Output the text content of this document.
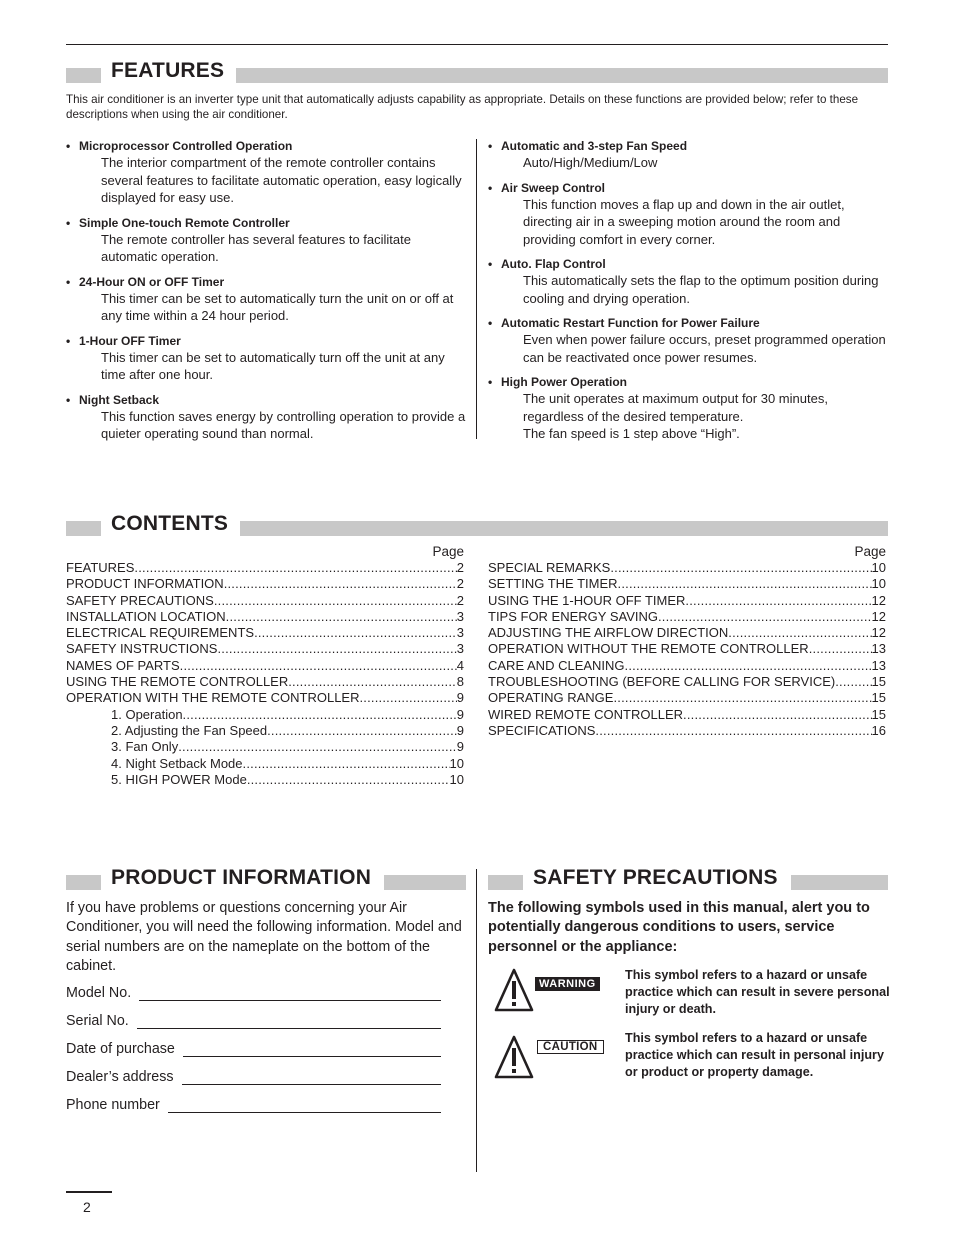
FEATURES
This air conditioner is an inverter type unit that automatically adjusts capability as appropriate. Details on these functions are provided below; refer to these descriptions when using the air conditioner.
• Microprocessor Controlled Operation
The interior compartment of the remote controller contains several features to facilitate automatic operation, easy logically displayed for easy use.
• Simple One-touch Remote Controller
The remote controller has several features to facilitate automatic operation.
• 24-Hour ON or OFF Timer
This timer can be set to automatically turn the unit on or off at any time within a 24 hour period.
• 1-Hour OFF Timer
This timer can be set to automatically turn off the unit at any time after one hour.
• Night Setback
This function saves energy by controlling operation to provide a quieter operating sound than normal.
• Automatic and 3-step Fan Speed
Auto/High/Medium/Low
• Air Sweep Control
This function moves a flap up and down in the air outlet, directing air in a sweeping motion around the room and providing comfort in every corner.
• Auto. Flap Control
This automatically sets the flap to the optimum position during cooling and drying operation.
• Automatic Restart Function for Power Failure
Even when power failure occurs, preset programmed operation can be reactivated once power resumes.
• High Power Operation
The unit operates at maximum output for 30 minutes, regardless of the desired temperature.
The fan speed is 1 step above “High”.
CONTENTS
Page
FEATURES .....	2
PRODUCT INFORMATION .....	2
SAFETY PRECAUTIONS .....	2
INSTALLATION LOCATION .....	3
ELECTRICAL REQUIREMENTS .....	3
SAFETY INSTRUCTIONS .....	3
NAMES OF PARTS .....	4
USING THE REMOTE CONTROLLER .....	8
OPERATION WITH THE REMOTE CONTROLLER .....	9
1. Operation .....	9
2. Adjusting the Fan Speed .....	9
3. Fan Only .....	9
4. Night Setback Mode .....	10
5. HIGH POWER Mode .....	10
Page
SPECIAL REMARKS .....	10
SETTING THE TIMER .....	10
USING THE 1-HOUR OFF TIMER .....	12
TIPS FOR ENERGY SAVING .....	12
ADJUSTING THE AIRFLOW DIRECTION .....	12
OPERATION WITHOUT THE REMOTE CONTROLLER .....	13
CARE AND CLEANING .....	13
TROUBLESHOOTING (BEFORE CALLING FOR SERVICE) .....	15
OPERATING RANGE .....	15
WIRED REMOTE CONTROLLER .....	15
SPECIFICATIONS .....	16
PRODUCT INFORMATION
If you have problems or questions concerning your Air Conditioner, you will need the following information. Model and serial numbers are on the nameplate on the bottom of the cabinet.
Model No.
Serial No.
Date of purchase
Dealer’s address
Phone number
SAFETY PRECAUTIONS
The following symbols used in this manual, alert you to potentially dangerous conditions to users, service personnel or the appliance:
WARNING
This symbol refers to a hazard or unsafe practice which can result in severe personal injury or death.
CAUTION
This symbol refers to a hazard or unsafe practice which can result in personal injury or product or property damage.
2
